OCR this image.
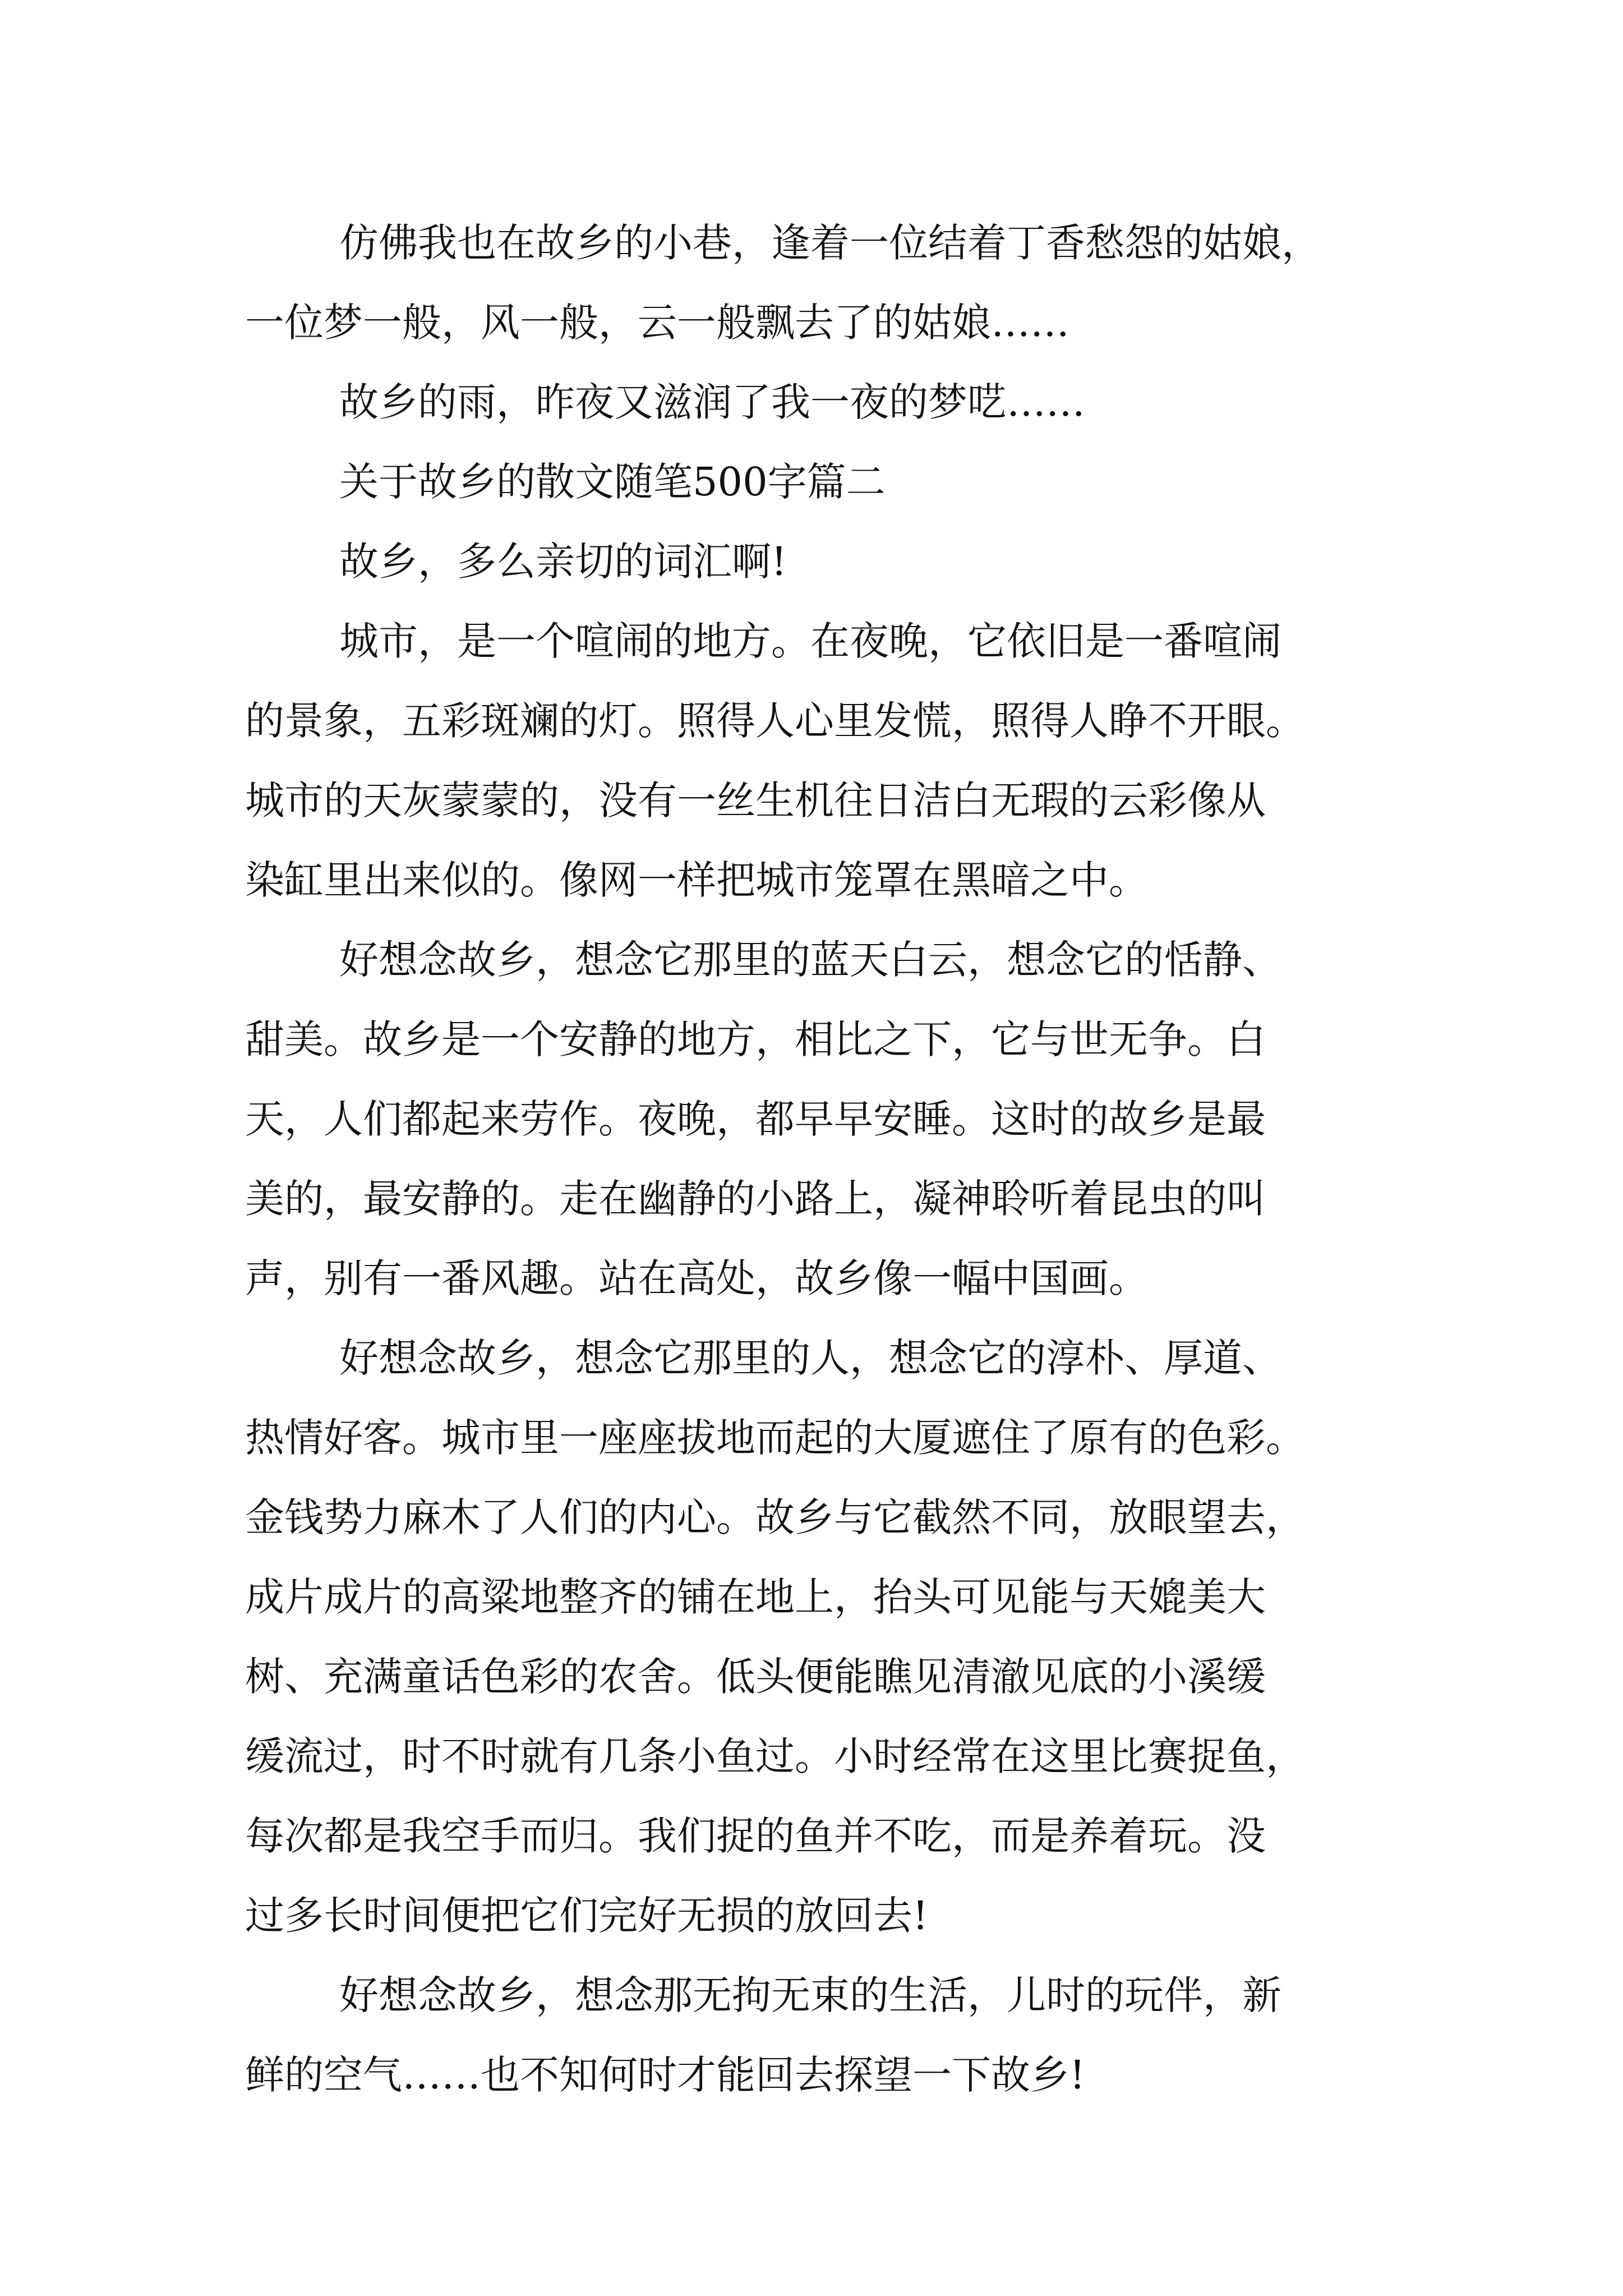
仿佛我也在故乡的小巷，逢着一位结着丁香愁怨的姑娘，
一位梦一般，风一般，云一般飘去了的姑娘……
故乡的雨，昨夜又滋润了我一夜的梦呓……
关于故乡的散文随笔500字篇二
故乡，多么亲切的词汇啊!
城市，是一个喧闹的地方。在夜晚，它依旧是一番喧闹
的景象，五彩斑斓的灯。照得人心里发慌，照得人睁不开眼。
城市的天灰蒙蒙的，没有一丝生机往日洁白无瑕的云彩像从
染缸里出来似的。像网一样把城市笼罩在黑暗之中。
好想念故乡，想念它那里的蓝天白云，想念它的恬静、
甜美。故乡是一个安静的地方，相比之下，它与世无争。白
天，人们都起来劳作。夜晚，都早早安睡。这时的故乡是最
美的，最安静的。走在幽静的小路上，凝神聆听着昆虫的叫
声，别有一番风趣。站在高处，故乡像一幅中国画。
好想念故乡，想念它那里的人，想念它的淳朴、厚道、
热情好客。城市里一座座拔地而起的大厦遮住了原有的色彩。
金钱势力麻木了人们的内心。故乡与它截然不同，放眼望去，
成片成片的高粱地整齐的铺在地上，抬头可见能与天媲美大
树、充满童话色彩的农舍。低头便能瞧见清澈见底的小溪缓
缓流过，时不时就有几条小鱼过。小时经常在这里比赛捉鱼，
每次都是我空手而归。我们捉的鱼并不吃，而是养着玩。没
过多长时间便把它们完好无损的放回去!
好想念故乡，想念那无拘无束的生活，儿时的玩伴，新
鲜的空气……也不知何时才能回去探望一下故乡!
